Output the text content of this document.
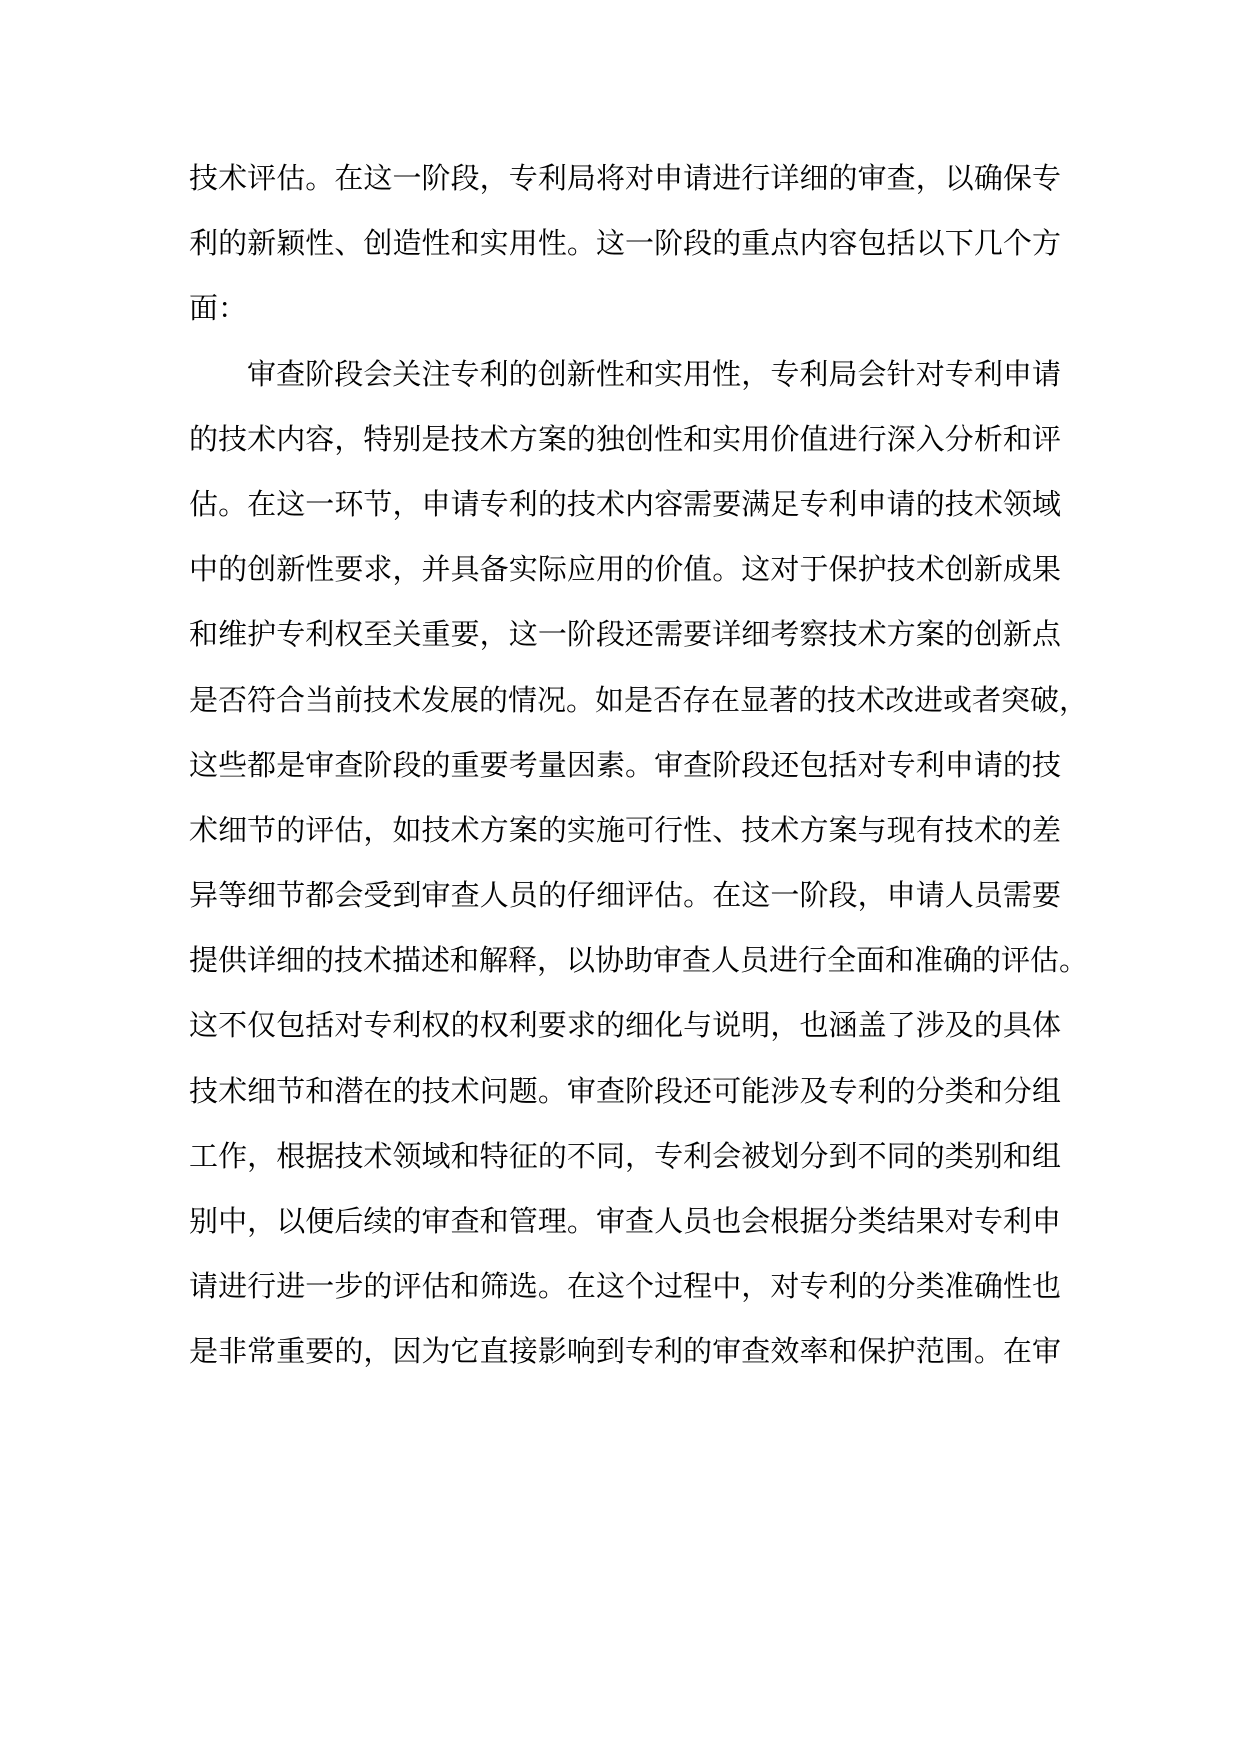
技术评估。在这一阶段，专利局将对申请进行详细的审查，以确保专
利的新颖性、创造性和实用性。这一阶段的重点内容包括以下几个方
面：
审查阶段会关注专利的创新性和实用性，专利局会针对专利申请
的技术内容，特别是技术方案的独创性和实用价值进行深入分析和评
估。在这一环节，申请专利的技术内容需要满足专利申请的技术领域
中的创新性要求，并具备实际应用的价值。这对于保护技术创新成果
和维护专利权至关重要，这一阶段还需要详细考察技术方案的创新点
是否符合当前技术发展的情况。如是否存在显著的技术改进或者突破，
这些都是审查阶段的重要考量因素。审查阶段还包括对专利申请的技
术细节的评估，如技术方案的实施可行性、技术方案与现有技术的差
异等细节都会受到审查人员的仔细评估。在这一阶段，申请人员需要
提供详细的技术描述和解释，以协助审查人员进行全面和准确的评估。
这不仅包括对专利权的权利要求的细化与说明，也涵盖了涉及的具体
技术细节和潜在的技术问题。审查阶段还可能涉及专利的分类和分组
工作，根据技术领域和特征的不同，专利会被划分到不同的类别和组
别中，以便后续的审查和管理。审查人员也会根据分类结果对专利申
请进行进一步的评估和筛选。在这个过程中，对专利的分类准确性也
是非常重要的，因为它直接影响到专利的审查效率和保护范围。在审
